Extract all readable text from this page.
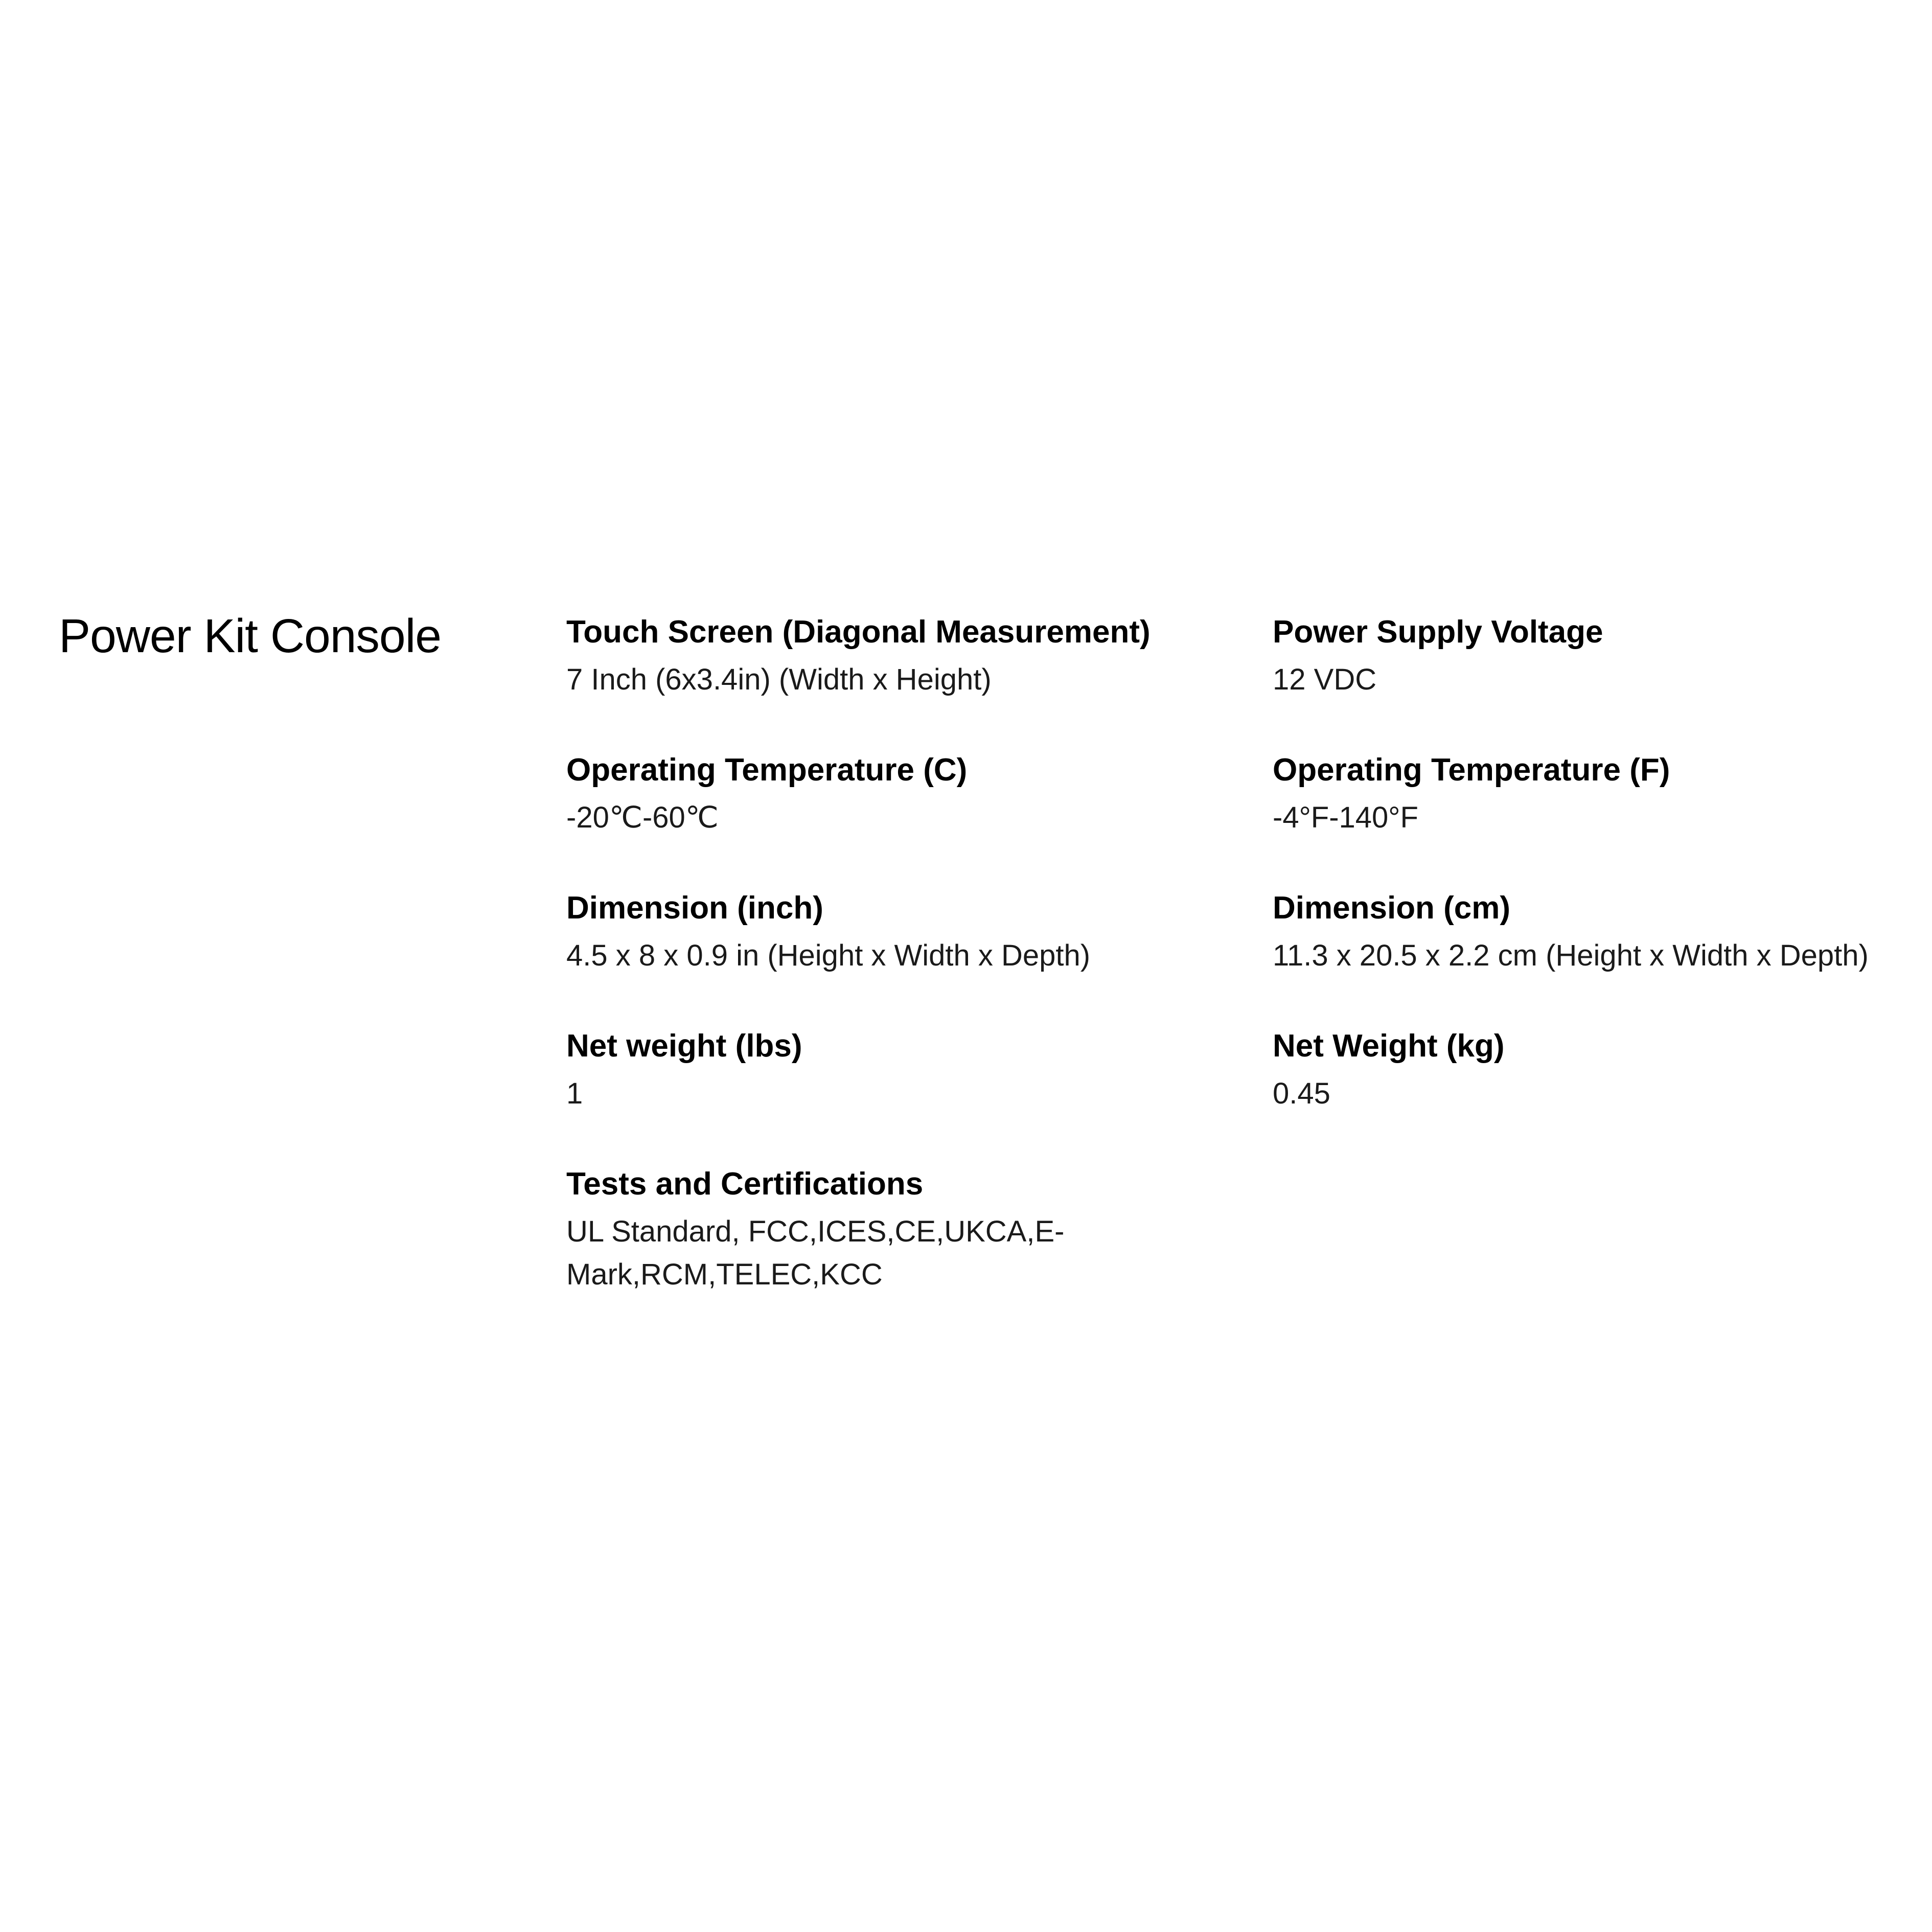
Power Kit Console	Touch Screen (Diagonal Measurement)

7 Inch (6x3.4in) (Width x Height)

Power Supply Voltage

12 VDC

Operating Temperature (C)

-20℃-60℃

Operating Temperature (F)

-4°F-140°F

Dimension (inch)

4.5 x 8 x 0.9 in (Height x Width x Depth)

Dimension (cm)

11.3 x 20.5 x 2.2 cm (Height x Width x Depth)

Net weight (lbs)

1

Net Weight (kg)

0.45

Tests and Certifications

UL Standard, FCC,ICES,CE,UKCA,E-Mark,RCM,TELEC,KCC
